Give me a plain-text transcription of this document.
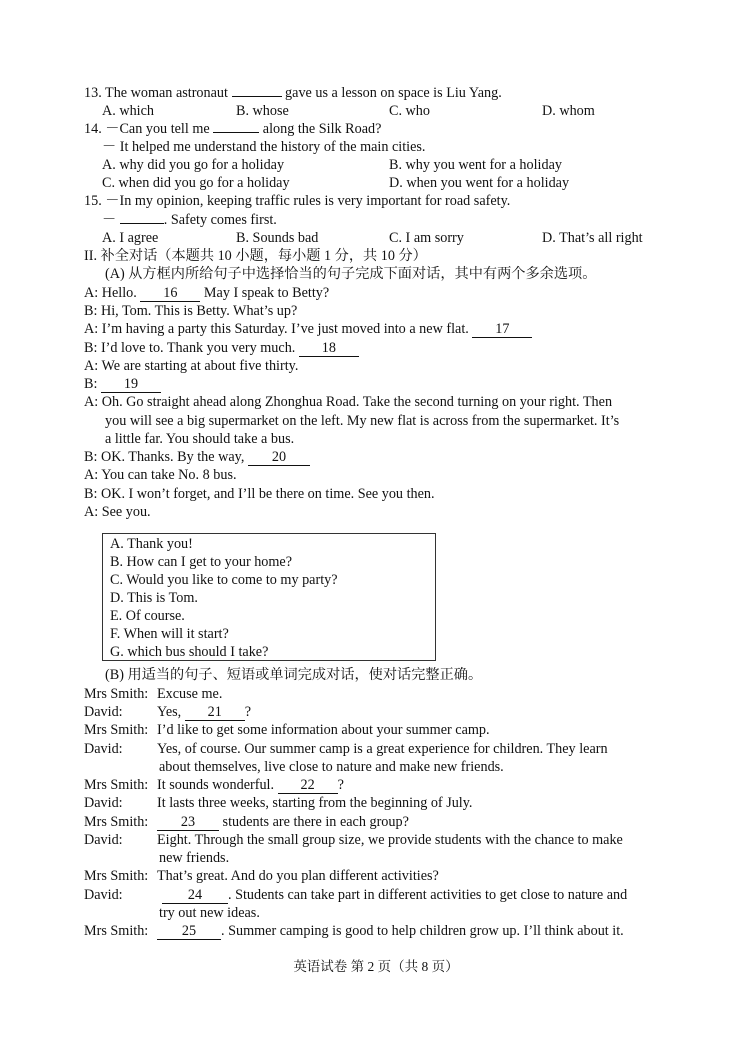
13. The woman astronaut	gave us a lesson on space is Liu Yang.
A. which	B. whose	C. who	D. whom
14. －Can you tell me	along the Silk Road?
－ It helped me understand the history of the main cities.
A. why did you go for a holiday	B. why you went for a holiday
C. when did you go for a holiday	D. when you went for a holiday
15. －In my opinion, keeping traffic rules is very important for road safety.
－	. Safety comes first.
A. I agree	B. Sounds bad	C. I am sorry	D. That’s all right
II. 补全对话（本题共 10 小题，每小题 1 分，共 10 分）
(A) 从方框内所给句子中选择恰当的句子完成下面对话，其中有两个多余选项。
A: Hello. 16 May I speak to Betty?
B: Hi, Tom. This is Betty. What’s up?
A: I’m having a party this Saturday. I’ve just moved into a new flat. 17
B: I’d love to. Thank you very much. 18
A: We are starting at about five thirty.
B: 19
A: Oh. Go straight ahead along Zhonghua Road. Take the second turning on your right. Then
you will see a big supermarket on the left. My new flat is across from the supermarket. It’s
a little far. You should take a bus.
B: OK. Thanks. By the way, 20
A: You can take No. 8 bus.
B: OK. I won’t forget, and I’ll be there on time. See you then.
A: See you.
A. Thank you!
B. How can I get to your home?
C. Would you like to come to my party?
D. This is Tom.
E. Of course.
F. When will it start?
G. which bus should I take?
(B) 用适当的句子、短语或单词完成对话，使对话完整正确。
Mrs Smith: Excuse me.
David: Yes, 21 ?
Mrs Smith: I’d like to get some information about your summer camp.
David: Yes, of course. Our summer camp is a great experience for children. They learn
about themselves, live close to nature and make new friends.
Mrs Smith: It sounds wonderful. 22 ?
David: It lasts three weeks, starting from the beginning of July.
Mrs Smith: 23 students are there in each group?
David: Eight. Through the small group size, we provide students with the chance to make
new friends.
Mrs Smith: That’s great. And do you plan different activities?
David:	24 . Students can take part in different activities to get close to nature and
try out new ideas.
Mrs Smith: 25 . Summer camping is good to help children grow up. I’ll think about it.
英语试卷 第 2 页（共 8 页）
